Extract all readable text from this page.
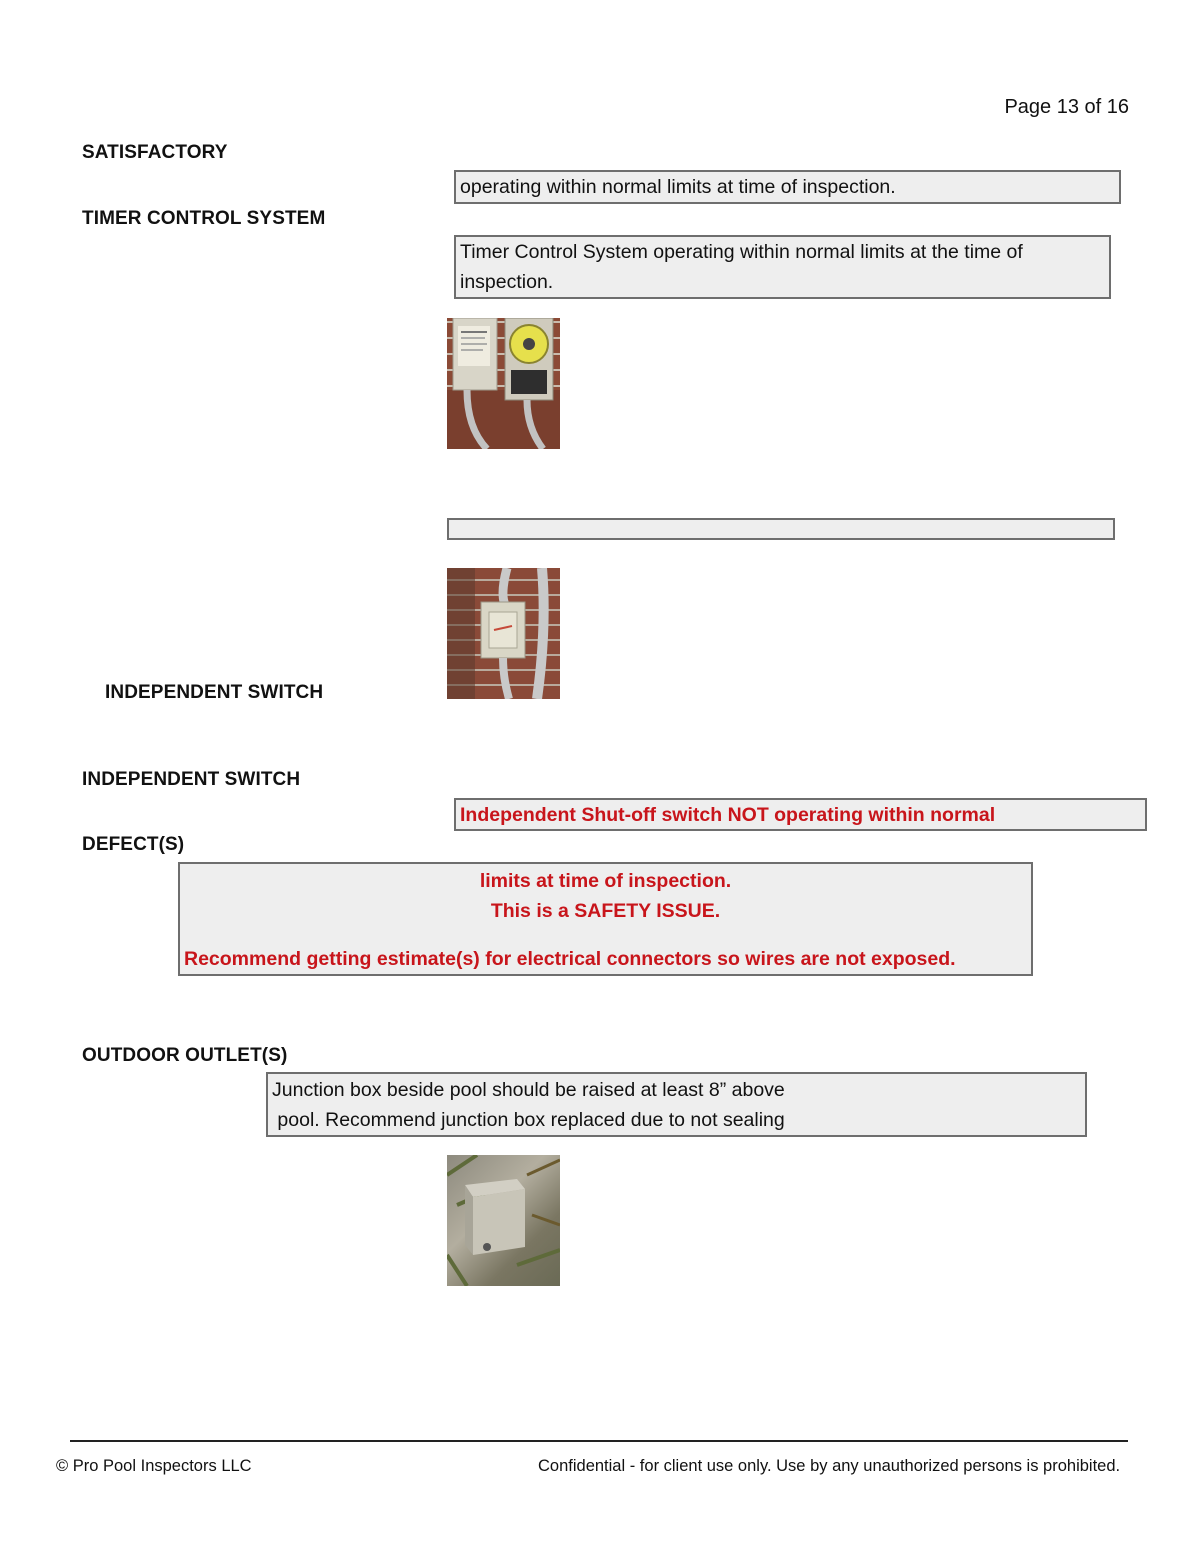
Page 13 of 16
SATISFACTORY
operating within normal limits at time of inspection.
TIMER CONTROL SYSTEM
Timer Control System operating within normal limits at the time of
inspection.
INDEPENDENT SWITCH
INDEPENDENT SWITCH
Independent Shut-off switch NOT operating within normal
DEFECT(S)
limits at time of inspection.
This is a SAFETY ISSUE.
Recommend getting estimate(s) for electrical connectors so wires are not exposed.
OUTDOOR OUTLET(S)
Junction box beside pool should be raised at least 8” above
pool. Recommend junction box replaced due to not sealing
© Pro Pool Inspectors LLC	Confidential - for client use only. Use by any unauthorized persons is prohibited.
